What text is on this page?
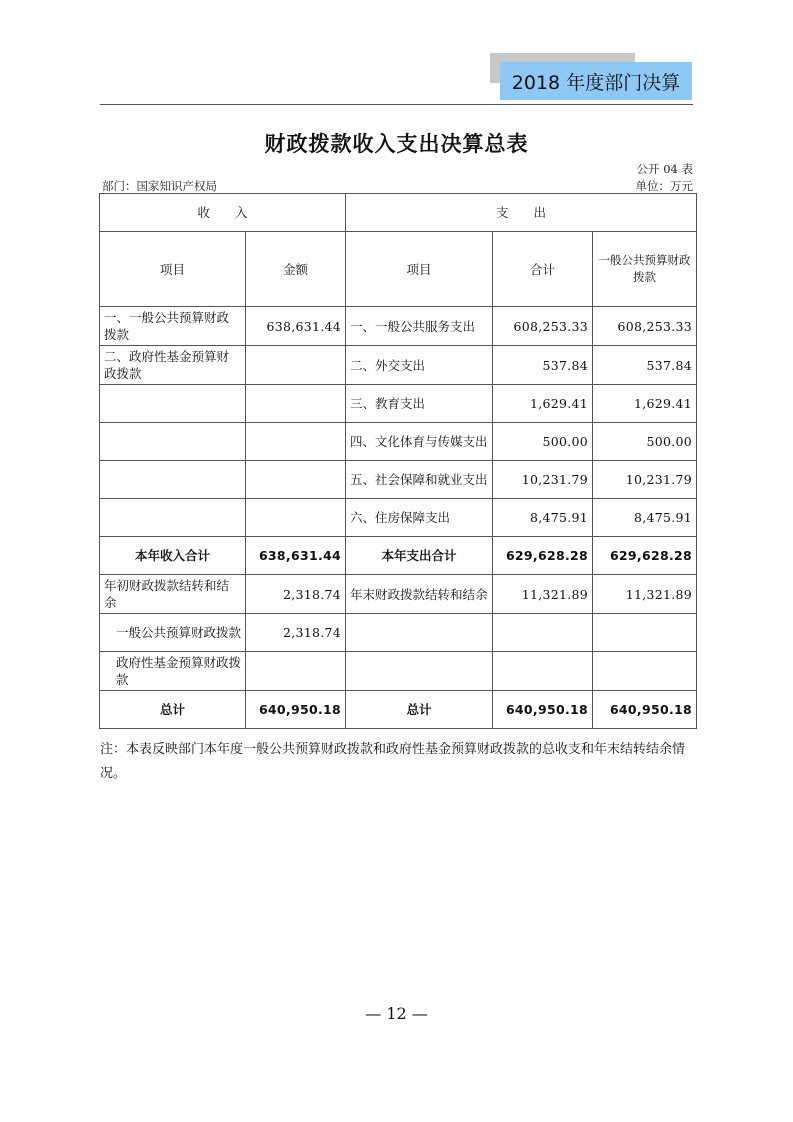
2018 年度部门决算
财政拨款收入支出决算总表
公开 04 表
部门：国家知识产权局	单位：万元
收　　入		支　　出		
项目	金额	项目	合计	一般公共预算财政拨款
一、一般公共预算财政拨款	638,631.44	一、一般公共服务支出	608,253.33	608,253.33
二、政府性基金预算财政拨款		二、外交支出	537.84	537.84
		三、教育支出	1,629.41	1,629.41
		四、文化体育与传媒支出	500.00	500.00
		五、社会保障和就业支出	10,231.79	10,231.79
		六、住房保障支出	8,475.91	8,475.91
本年收入合计	638,631.44	本年支出合计	629,628.28	629,628.28
年初财政拨款结转和结余	2,318.74	年末财政拨款结转和结余	11,321.89	11,321.89
一般公共预算财政拨款	2,318.74			
政府性基金预算财政拨款				
总计	640,950.18	总计	640,950.18	640,950.18
注：本表反映部门本年度一般公共预算财政拨款和政府性基金预算财政拨款的总收支和年末结转结余情况。
— 12 —
